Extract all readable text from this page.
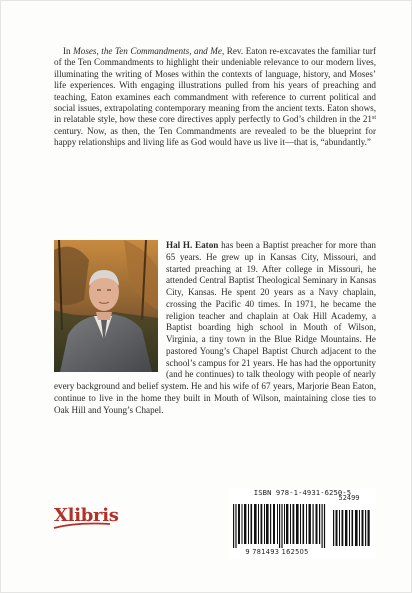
In Moses, the Ten Commandments, and Me, Rev. Eaton re-excavates the familiar turf of the Ten Commandments to highlight their undeniable relevance to our modern lives, illuminating the writing of Moses within the contexts of language, history, and Moses’ life experiences. With engaging illustrations pulled from his years of preaching and teaching, Eaton examines each commandment with reference to current political and social issues, extrapolating contemporary meaning from the ancient texts. Eaton shows, in relatable style, how these core directives apply perfectly to God’s children in the 21st century. Now, as then, the Ten Commandments are revealed to be the blueprint for happy relationships and living life as God would have us live it—that is, “abundantly.”

Hal H. Eaton has been a Baptist preacher for more than 65 years. He grew up in Kansas City, Missouri, and started preaching at 19. After college in Missouri, he attended Central Baptist Theological Seminary in Kansas City, Kansas. He spent 20 years as a Navy chaplain, crossing the Pacific 40 times. In 1971, he became the religion teacher and chaplain at Oak Hill Academy, a Baptist boarding high school in Mouth of Wilson, Virginia, a tiny town in the Blue Ridge Mountains. He pastored Young’s Chapel Baptist Church adjacent to the school’s campus for 21 years. He has had the opportunity (and he continues) to talk theology with people of nearly every background and belief system. He and his wife of 67 years, Marjorie Bean Eaton, continue to live in the home they built in Mouth of Wilson, maintaining close ties to Oak Hill and Young’s Chapel.
Xlibris
ISBN 978-1-4931-6250-5
52499
9 781493 162505
